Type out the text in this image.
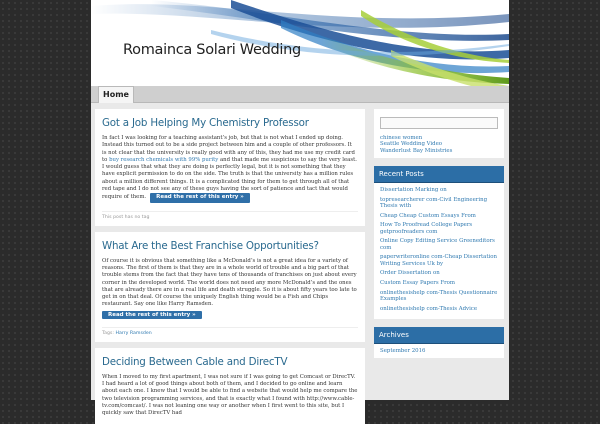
Romainca Solari Wedding
Home
Got a Job Helping My Chemistry Professor

In fact I was looking for a teaching assistant’s job, but that is not what I ended up doing. Instead this turned out to be a side project between him and a couple of other professors. It is not clear that the university is really good with any of this, they had me use my credit card to buy research chemicals with 99% purity and that made me suspicious to say the very least. I would guess that what they are doing is perfectly legal, but it is not something that they have explicit permission to do on the side. The truth is that the university has a million rules about a million different things. It is a complicated thing for them to get through all of that red tape and I do not see any of these guys having the sort of patience and tact that would require of them. Read the rest of this entry »

This post has no tag
What Are the Best Franchise Opportunities?

Of course it is obvious that something like a McDonald’s is not a great idea for a variety of reasons. The first of them is that they are in a whole world of trouble and a big part of that trouble stems from the fact that they have tens of thousands of franchises on just about every corner in the developed world. The world does not need any more McDonald’s and the ones that are already there are in a real life and death struggle. So it is about fifty years too late to get in on that deal. Of course the uniquely English thing would be a Fish and Chips restaurant. Say one like Harry Ramsden.

Read the rest of this entry »
Tags: Harry Ramsden
Deciding Between Cable and DirecTV

When I moved to my first apartment, I was not sure if I was going to get Comcast or DirecTV. I had heard a lot of good things about both of them, and I decided to go online and learn about each one. I knew that I would be able to find a website that would help me compare the two television programming services, and that is exactly what I found with http://www.cable-tv.com/comcast/. I was not leaning one way or another when I first went to this site, but I quickly saw that DirecTV had

chinese women
Seattle Wedding Video
Wanderlust Bay Ministries
Recent Posts
Dissertation Marking on
topresearcherer com-Civil Engineering Thesis with
Cheap Cheap Custom Essays From
How To Proofread College Papers getproofreaders com
Online Copy Editing Service Greeneditors com
paperwriteronline com-Cheap Dissertation Writing Services Uk by
Order Dissertation on
Custom Essay Papers From
onlinethesishelp com-Thesis Questionnaire Examples
onlinethesishelp com-Thesis Advice
Archives
September 2016
